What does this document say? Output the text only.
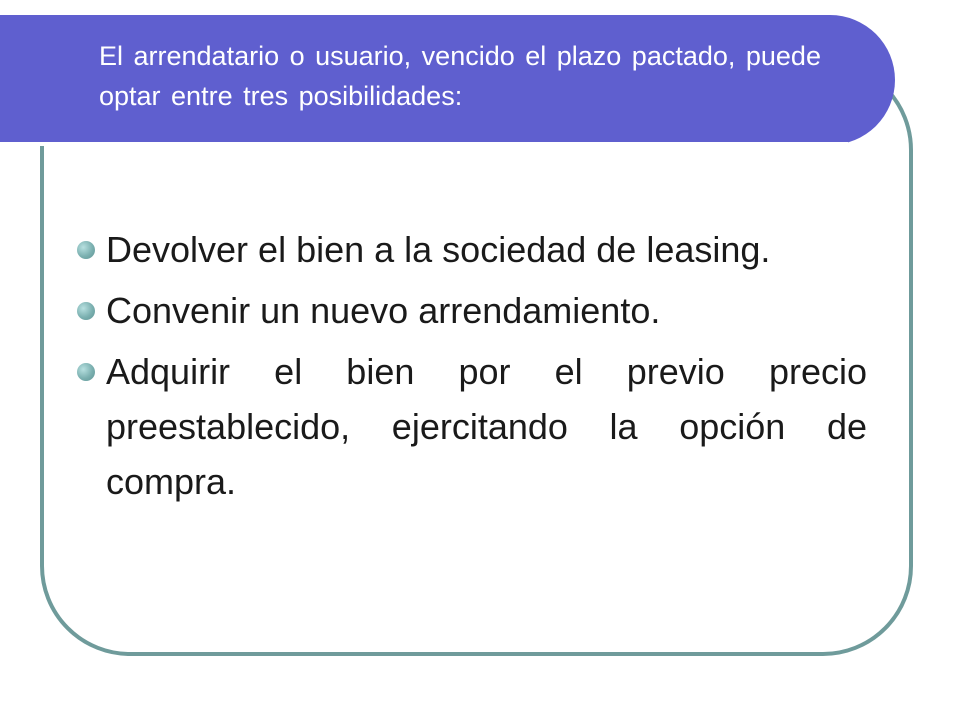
El arrendatario o usuario, vencido el plazo pactado, puede optar entre tres posibilidades:
Devolver el bien a la sociedad de leasing.
Convenir un nuevo arrendamiento.
Adquirir el bien por el previo precio preestablecido, ejercitando la opción de compra.
